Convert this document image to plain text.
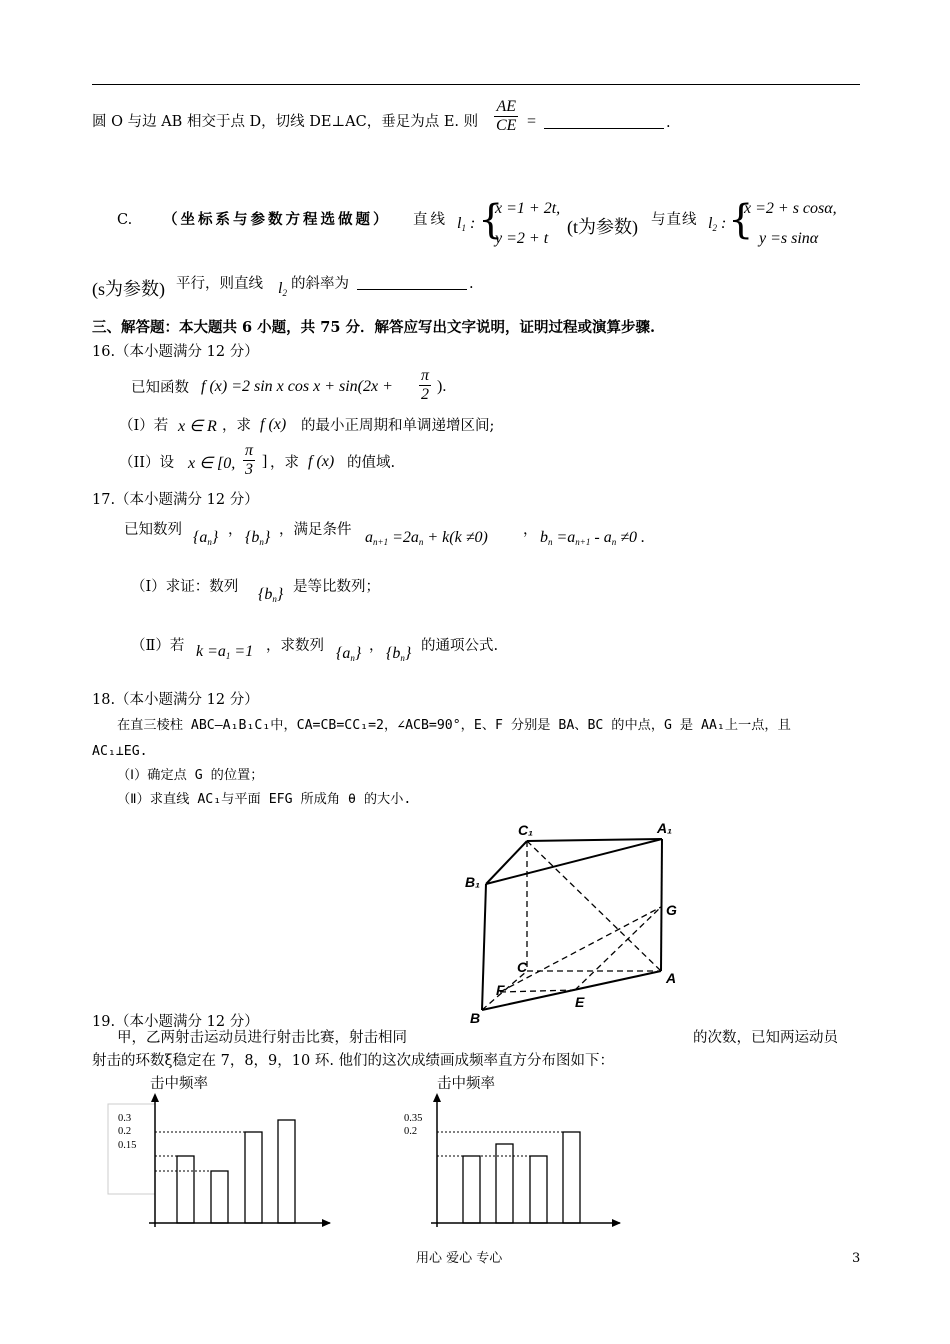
圆 O 与边 AB 相交于点 D，切线 DE⊥AC，垂足为点 E. 则 $\frac{AE}{CE}$ =	.
C. （坐标系与参数方程选做题） 直线 $l_1$ : {
x =1 + 2t,
y =2 + t
(t为参数) 与直线 $l_2$ : {
x =2 + s cosα,
y =s sinα
(s为参数) 平行，则直线 $l_2$
的斜率为	.
三、解答题：本大题共 6 小题，共 75 分．解答应写出文字说明，证明过程或演算步骤.
16.（本小题满分 12 分）
已知函数 f (x) =2 sin x $\cos x + \sin(2x + \frac{\pi}{2}$ ).
（I）若 x ∈ R ，求 f (x) 的最小正周期和单调递增区间;
（II）设 x ∈ [0, $\frac{\pi}{3}$ ] ，求 f (x) 的值域.
17.（本小题满分 12 分）
已知数列 $\{a_n\}$ ， $\{b_n\}$ ，满足条件 $a_{n+1} =2a_n + k(k \ne 0)$ ， $b_n =a_{n+1} - a_n \ne 0$ .
（Ⅰ）求证：数列 $\{b_n\}$ 是等比数列；
（Ⅱ）若 $k =a_1 =1$ ，求数列 $\{a_n\}$ ， $\{b_n\}$ 的通项公式.
18.（本小题满分 12 分）
在直三棱柱 ABC—A₁B₁C₁中，CA=CB=CC₁=2，∠ACB=90°，E、F 分别是 BA、BC 的中点，G 是 AA₁上一点，且
AC₁⊥EG.
（Ⅰ）确定点 G 的位置；
（Ⅱ）求直线 AC₁与平面 EFG 所成角 θ 的大小.
C₁	A₁
B₁
G
C
A
F
E
B
19.（本小题满分 12 分）
甲，乙两射击运动员进行射击比赛，射击相同	的次数，已知两运动员
射击的环数ξ稳定在 7，8，9，10 环. 他们的这次成绩画成频率直方分布图如下：
击中频率
0.3
0.2
0.15
击中频率
0.35
0.2
用心 爱心 专心	3
